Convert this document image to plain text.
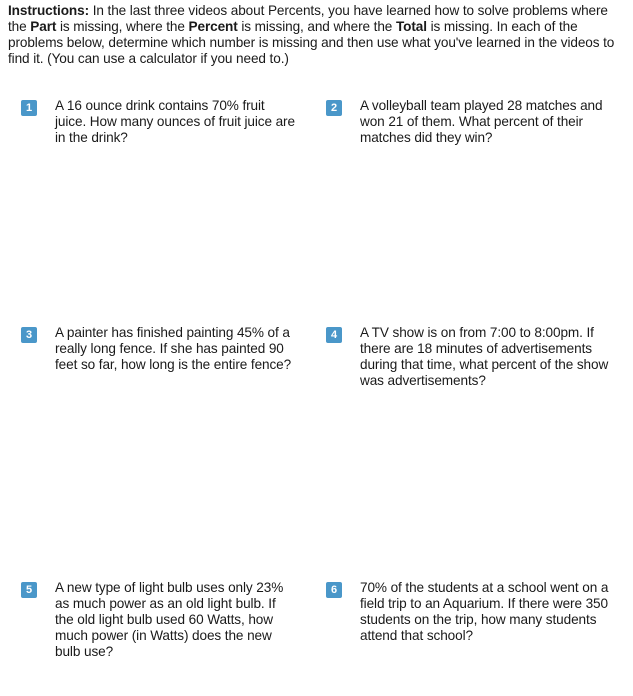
Instructions: In the last three videos about Percents, you have learned how to solve problems where the Part is missing, where the Percent is missing, and where the Total is missing. In each of the problems below, determine which number is missing and then use what you've learned in the videos to find it. (You can use a calculator if you need to.)
1	A 16 ounce drink contains 70% fruit juice. How many ounces of fruit juice are in the drink?
2	A volleyball team played 28 matches and won 21 of them. What percent of their matches did they win?
3	A painter has finished painting 45% of a really long fence. If she has painted 90 feet so far, how long is the entire fence?
4	A TV show is on from 7:00 to 8:00pm. If there are 18 minutes of advertisements during that time, what percent of the show was advertisements?
5	A new type of light bulb uses only 23% as much power as an old light bulb. If the old light bulb used 60 Watts, how much power (in Watts) does the new bulb use?
6	70% of the students at a school went on a field trip to an Aquarium. If there were 350 students on the trip, how many students attend that school?
